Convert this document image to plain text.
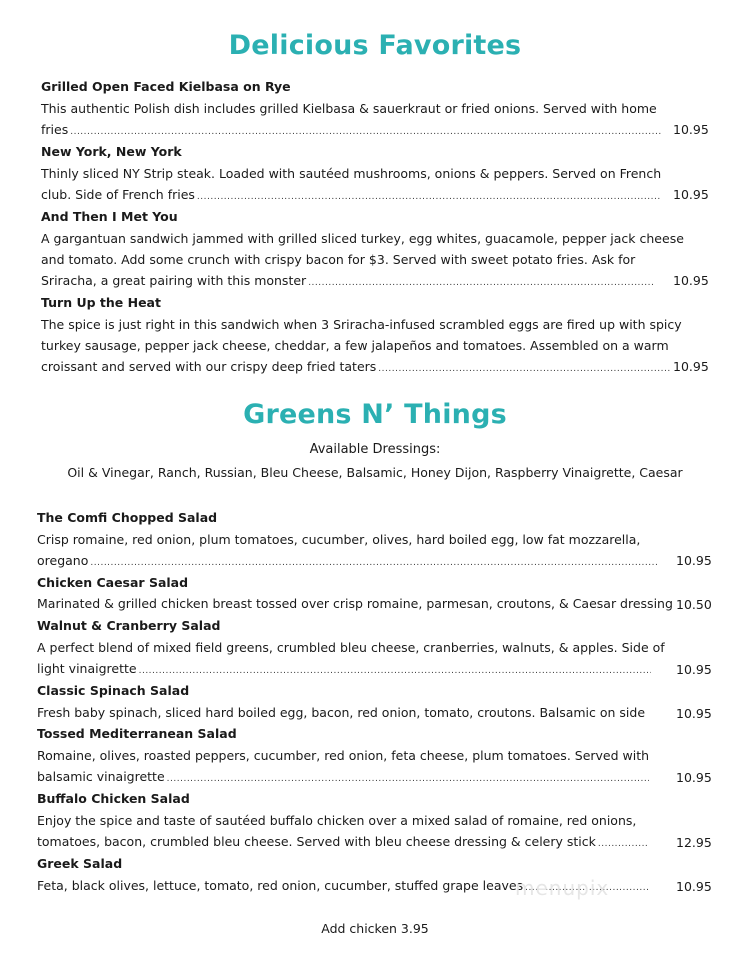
Delicious Favorites
Grilled Open Faced Kielbasa on Rye
This authentic Polish dish includes grilled Kielbasa & sauerkraut or fried onions. Served with home
fries .....	10.95
New York, New York
Thinly sliced NY Strip steak. Loaded with sautéed mushrooms, onions & peppers. Served on French
club. Side of French fries .....	10.95
And Then I Met You
A gargantuan sandwich jammed with grilled sliced turkey, egg whites, guacamole, pepper jack cheese
and tomato. Add some crunch with crispy bacon for $3. Served with sweet potato fries. Ask for
Sriracha, a great pairing with this monster .....	10.95
Turn Up the Heat
The spice is just right in this sandwich when 3 Sriracha-infused scrambled eggs are fired up with spicy
turkey sausage, pepper jack cheese, cheddar, a few jalapeños and tomatoes. Assembled on a warm
croissant and served with our crispy deep fried taters .....	10.95
Greens N’ Things
Available Dressings:
Oil & Vinegar, Ranch, Russian, Bleu Cheese, Balsamic, Honey Dijon, Raspberry Vinaigrette, Caesar
The Comfi Chopped Salad
Crisp romaine, red onion, plum tomatoes, cucumber, olives, hard boiled egg, low fat mozzarella,
oregano .....	10.95
Chicken Caesar Salad
Marinated & grilled chicken breast tossed over crisp romaine, parmesan, croutons, & Caesar dressing 10.50
Walnut & Cranberry Salad
A perfect blend of mixed field greens, crumbled bleu cheese, cranberries, walnuts, & apples. Side of
light vinaigrette .....	10.95
Classic Spinach Salad
Fresh baby spinach, sliced hard boiled egg, bacon, red onion, tomato, croutons. Balsamic on side 10.95
Tossed Mediterranean Salad
Romaine, olives, roasted peppers, cucumber, red onion, feta cheese, plum tomatoes. Served with
balsamic vinaigrette .....	10.95
Buffalo Chicken Salad
Enjoy the spice and taste of sautéed buffalo chicken over a mixed salad of romaine, red onions,
tomatoes, bacon, crumbled bleu cheese. Served with bleu cheese dressing & celery stick .....	12.95
Greek Salad
Feta, black olives, lettuce, tomato, red onion, cucumber, stuffed grape leaves .....	10.95
menupix
Add chicken 3.95
